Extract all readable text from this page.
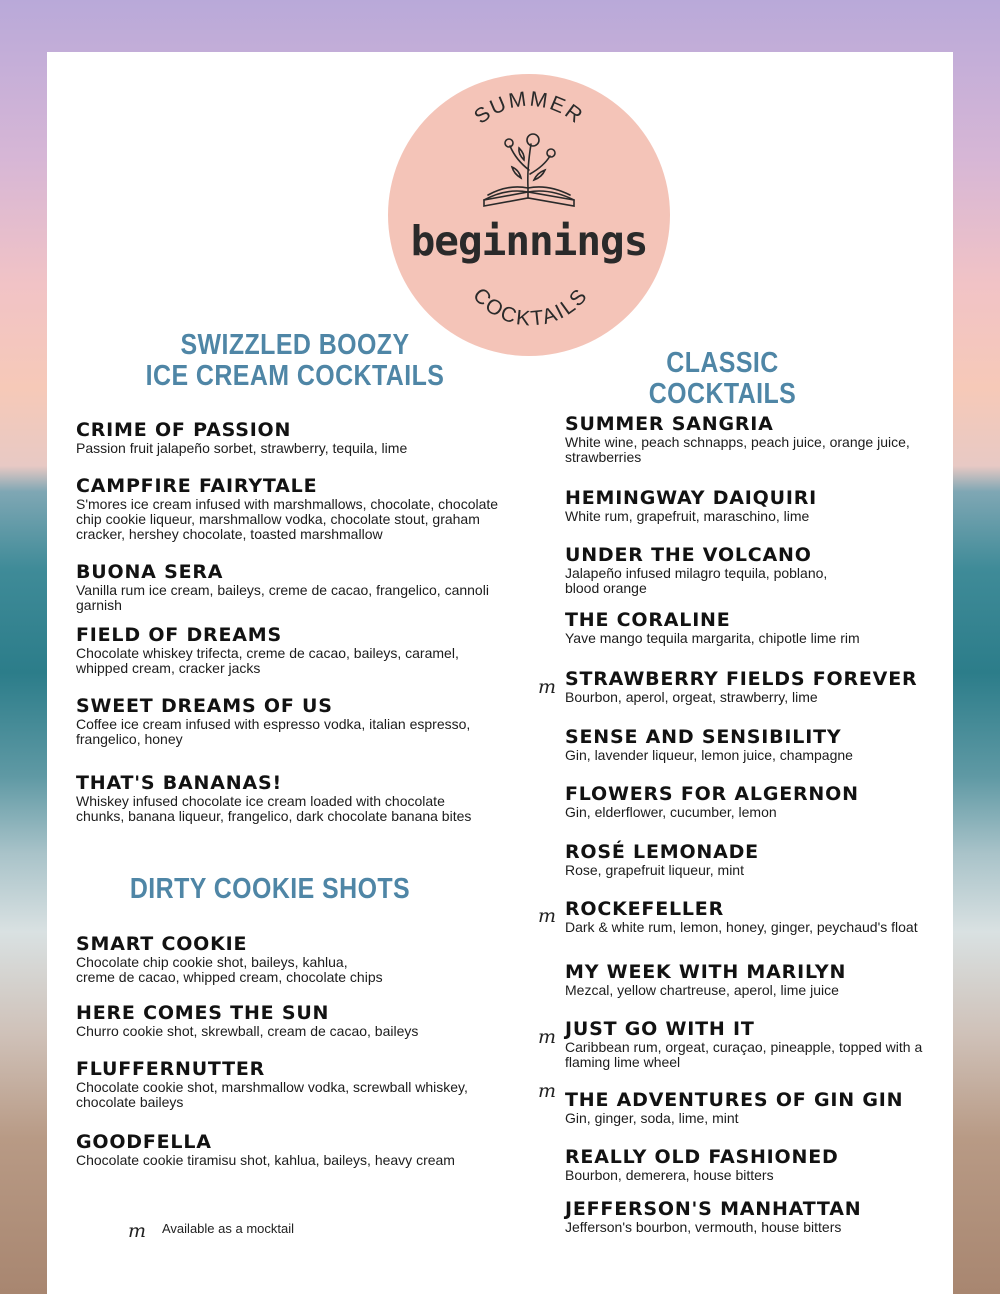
SUMMER
COCKTAILS
beginnings
SWIZZLED BOOZY
ICE CREAM COCKTAILS
CRIME OF PASSION
Passion fruit jalapeño sorbet, strawberry, tequila, lime
CAMPFIRE FAIRYTALE
S'mores ice cream infused with marshmallows, chocolate, chocolate
chip cookie liqueur, marshmallow vodka, chocolate stout, graham
cracker, hershey chocolate, toasted marshmallow
BUONA SERA
Vanilla rum ice cream, baileys, creme de cacao, frangelico, cannoli
garnish
FIELD OF DREAMS
Chocolate whiskey trifecta, creme de cacao, baileys, caramel,
whipped cream, cracker jacks
SWEET DREAMS OF US
Coffee ice cream infused with espresso vodka, italian espresso,
frangelico, honey
THAT'S BANANAS!
Whiskey infused chocolate ice cream loaded with chocolate
chunks, banana liqueur, frangelico, dark chocolate banana bites
DIRTY COOKIE SHOTS
SMART COOKIE
Chocolate chip cookie shot, baileys, kahlua,
creme de cacao, whipped cream, chocolate chips
HERE COMES THE SUN
Churro cookie shot, skrewball, cream de cacao, baileys
FLUFFERNUTTER
Chocolate cookie shot, marshmallow vodka, screwball whiskey,
chocolate baileys
GOODFELLA
Chocolate cookie tiramisu shot, kahlua, baileys, heavy cream
m Available as a mocktail
CLASSIC COCKTAILS
SUMMER SANGRIA
White wine, peach schnapps, peach juice, orange juice,
strawberries
HEMINGWAY DAIQUIRI
White rum, grapefruit, maraschino, lime
UNDER THE VOLCANO
Jalapeño infused milagro tequila, poblano,
blood orange
THE CORALINE
Yave mango tequila margarita, chipotle lime rim
m STRAWBERRY FIELDS FOREVER
Bourbon, aperol, orgeat, strawberry, lime
SENSE AND SENSIBILITY
Gin, lavender liqueur, lemon juice, champagne
FLOWERS FOR ALGERNON
Gin, elderflower, cucumber, lemon
ROSÉ LEMONADE
Rose, grapefruit liqueur, mint
m ROCKEFELLER
Dark & white rum, lemon, honey, ginger, peychaud's float
MY WEEK WITH MARILYN
Mezcal, yellow chartreuse, aperol, lime juice
m JUST GO WITH IT
Caribbean rum, orgeat, curaçao, pineapple, topped with a
flaming lime wheel
m THE ADVENTURES OF GIN GIN
Gin, ginger, soda, lime, mint
REALLY OLD FASHIONED
Bourbon, demerera, house bitters
JEFFERSON'S MANHATTAN
Jefferson's bourbon, vermouth, house bitters
